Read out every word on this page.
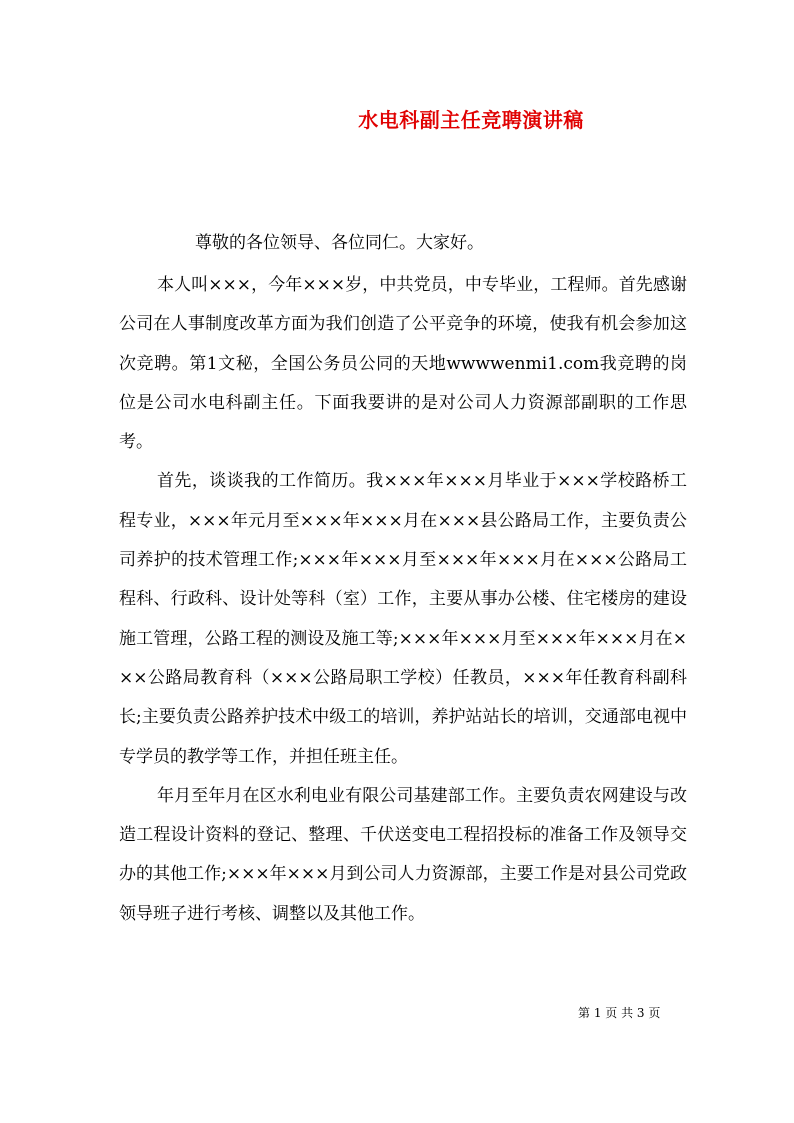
水电科副主任竞聘演讲稿

尊敬的各位领导、各位同仁。大家好。

本人叫×××，今年×××岁，中共党员，中专毕业，工程师。首先感谢公司在人事制度改革方面为我们创造了公平竞争的环境，使我有机会参加这次竞聘。第1文秘，全国公务员公同的天地wwwwenmi1.com我竞聘的岗位是公司水电科副主任。下面我要讲的是对公司人力资源部副职的工作思考。

首先，谈谈我的工作简历。我×××年×××月毕业于×××学校路桥工程专业，×××年元月至×××年×××月在×××县公路局工作，主要负责公司养护的技术管理工作;×××年×××月至×××年×××月在×××公路局工程科、行政科、设计处等科（室）工作，主要从事办公楼、住宅楼房的建设施工管理，公路工程的测设及施工等;×××年×××月至×××年×××月在×××公路局教育科（×××公路局职工学校）任教员，×××年任教育科副科长;主要负责公路养护技术中级工的培训，养护站站长的培训，交通部电视中专学员的教学等工作，并担任班主任。

年月至年月在区水利电业有限公司基建部工作。主要负责农网建设与改造工程设计资料的登记、整理、千伏送变电工程招投标的准备工作及领导交办的其他工作;×××年×××月到公司人力资源部，主要工作是对县公司党政领导班子进行考核、调整以及其他工作。

第 1 页 共 3 页
